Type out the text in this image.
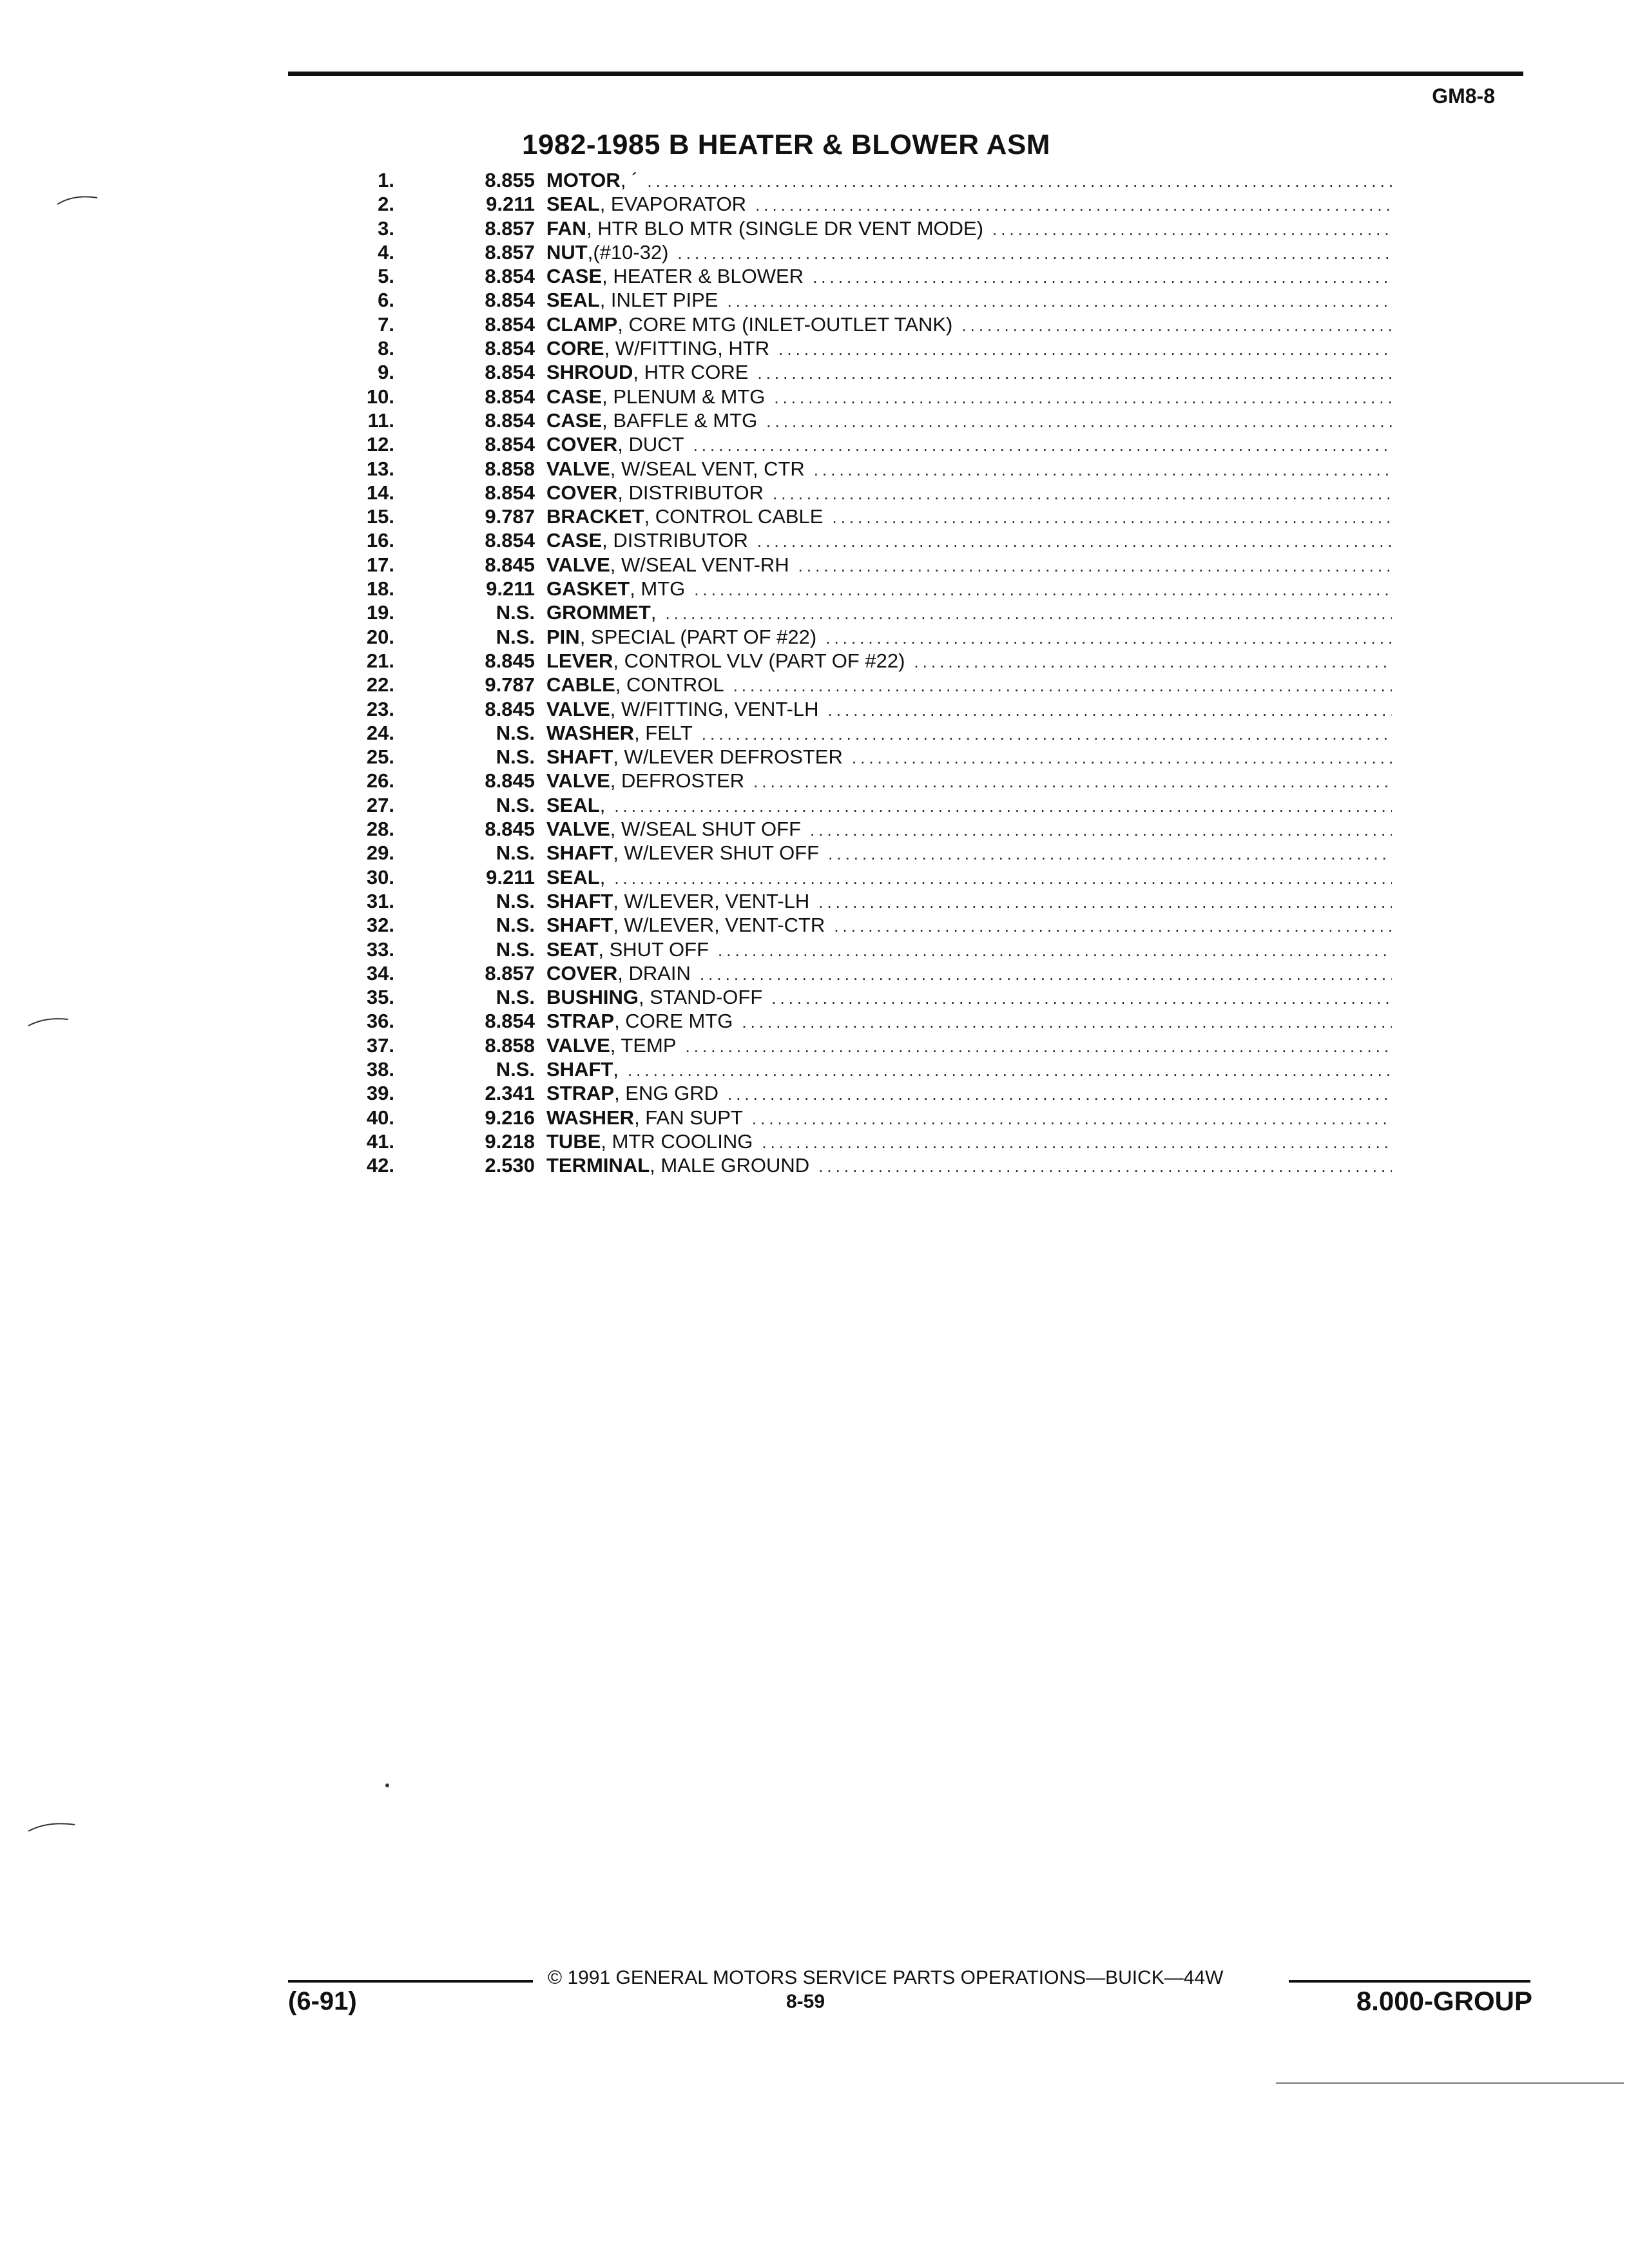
GM8-8
1982-1985 B HEATER & BLOWER ASM
1.	8.855 MOTOR, ´
.....
2.	9.211 SEAL, EVAPORATOR
.....
3.	8.857 FAN, HTR BLO MTR (SINGLE DR VENT MODE)
.....
4.	8.857 NUT,(#10-32)
.....
5.	8.854 CASE, HEATER & BLOWER
.....
6.	8.854 SEAL, INLET PIPE
.....
7.	8.854 CLAMP, CORE MTG (INLET-OUTLET TANK)
.....
8.	8.854 CORE, W/FITTING, HTR
.....
9.	8.854 SHROUD, HTR CORE
.....
10.	8.854 CASE, PLENUM & MTG
.....
11.	8.854 CASE, BAFFLE & MTG
.....
12.	8.854 COVER, DUCT
.....
13.	8.858 VALVE, W/SEAL VENT, CTR
.....
14.	8.854 COVER, DISTRIBUTOR
.....
15.	9.787 BRACKET, CONTROL CABLE
.....
16.	8.854 CASE, DISTRIBUTOR
.....
17.	8.845 VALVE, W/SEAL VENT-RH
.....
18.	9.211 GASKET, MTG
.....
19.	N.S. GROMMET,
.....
20.	N.S. PIN, SPECIAL (PART OF #22)
.....
21.	8.845 LEVER, CONTROL VLV (PART OF #22)
.....
22.	9.787 CABLE, CONTROL
.....
23.	8.845 VALVE, W/FITTING, VENT-LH
.....
24.	N.S. WASHER, FELT
.....
25.	N.S. SHAFT, W/LEVER DEFROSTER
.....
26.	8.845 VALVE, DEFROSTER
.....
27.	N.S. SEAL,
.....
28.	8.845 VALVE, W/SEAL SHUT OFF
.....
29.	N.S. SHAFT, W/LEVER SHUT OFF
.....
30.	9.211 SEAL,
.....
31.	N.S. SHAFT, W/LEVER, VENT-LH
.....
32.	N.S. SHAFT, W/LEVER, VENT-CTR
.....
33.	N.S. SEAT, SHUT OFF
.....
34.	8.857 COVER, DRAIN
.....
35.	N.S. BUSHING, STAND-OFF
.....
36.	8.854 STRAP, CORE MTG
.....
37.	8.858 VALVE, TEMP
.....
38.	N.S. SHAFT,
.....
39.	2.341 STRAP, ENG GRD
.....
40.	9.216 WASHER, FAN SUPT
.....
41.	9.218 TUBE, MTR COOLING
.....
42.	2.530 TERMINAL, MALE GROUND
.....
© 1991 GENERAL MOTORS SERVICE PARTS OPERATIONS—BUICK—44W
(6-91)	8-59	8.000-GROUP
